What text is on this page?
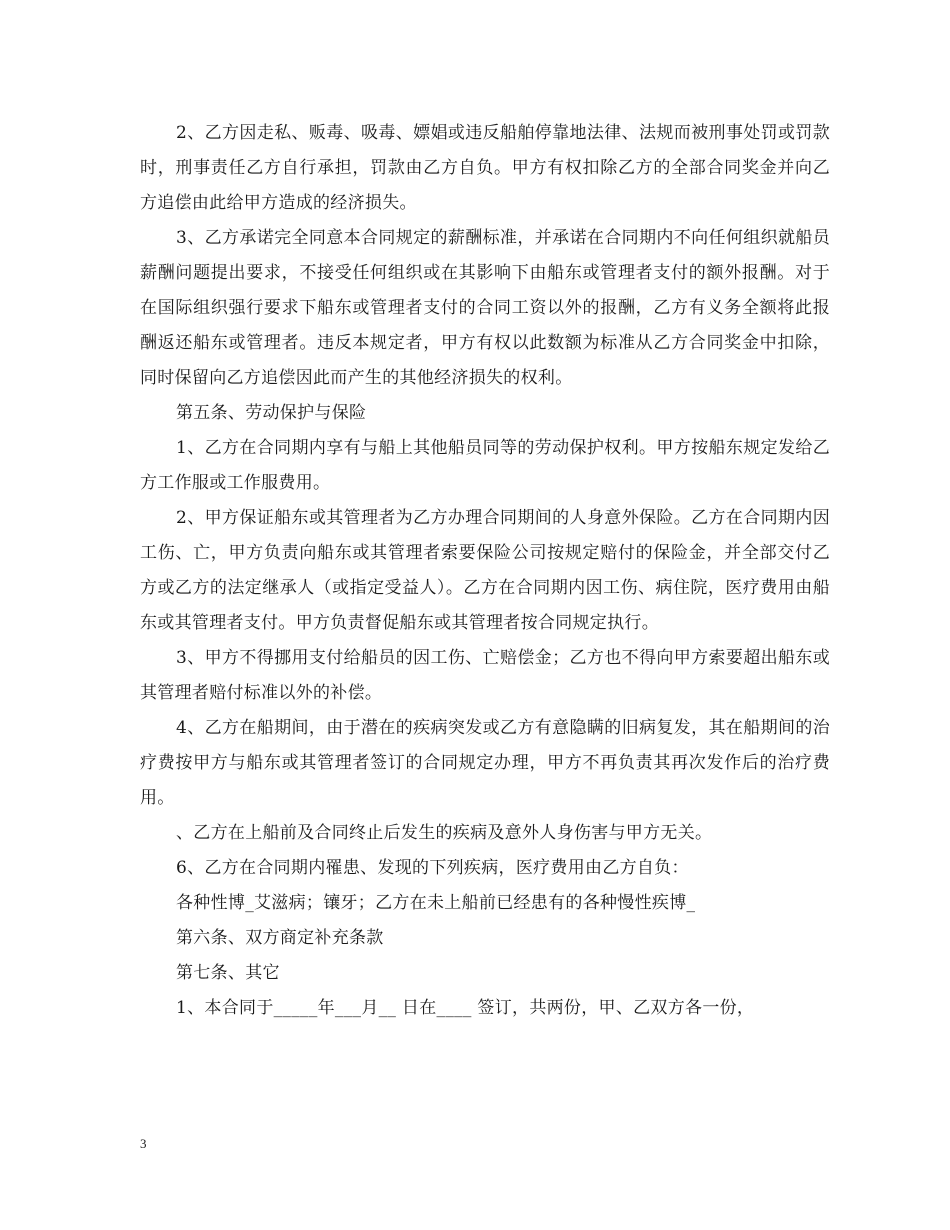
2、乙方因走私、贩毒、吸毒、嫖娼或违反船舶停靠地法律、法规而被刑事处罚或罚款时，刑事责任乙方自行承担，罚款由乙方自负。甲方有权扣除乙方的全部合同奖金并向乙方追偿由此给甲方造成的经济损失。

3、乙方承诺完全同意本合同规定的薪酬标准，并承诺在合同期内不向任何组织就船员薪酬问题提出要求，不接受任何组织或在其影响下由船东或管理者支付的额外报酬。对于在国际组织强行要求下船东或管理者支付的合同工资以外的报酬，乙方有义务全额将此报酬返还船东或管理者。违反本规定者，甲方有权以此数额为标准从乙方合同奖金中扣除，同时保留向乙方追偿因此而产生的其他经济损失的权利。

第五条、劳动保护与保险

1、乙方在合同期内享有与船上其他船员同等的劳动保护权利。甲方按船东规定发给乙方工作服或工作服费用。

2、甲方保证船东或其管理者为乙方办理合同期间的人身意外保险。乙方在合同期内因工伤、亡，甲方负责向船东或其管理者索要保险公司按规定赔付的保险金，并全部交付乙方或乙方的法定继承人（或指定受益人）。乙方在合同期内因工伤、病住院，医疗费用由船东或其管理者支付。甲方负责督促船东或其管理者按合同规定执行。

3、甲方不得挪用支付给船员的因工伤、亡赔偿金；乙方也不得向甲方索要超出船东或其管理者赔付标准以外的补偿。

4、乙方在船期间，由于潜在的疾病突发或乙方有意隐瞒的旧病复发，其在船期间的治疗费按甲方与船东或其管理者签订的合同规定办理，甲方不再负责其再次发作后的治疗费用。

、乙方在上船前及合同终止后发生的疾病及意外人身伤害与甲方无关。

6、乙方在合同期内罹患、发现的下列疾病，医疗费用由乙方自负：

各种性博_艾滋病；镶牙；乙方在未上船前已经患有的各种慢性疾博_

第六条、双方商定补充条款

第七条、其它

1、本合同于_____年___月__ 日在____ 签订，共两份，甲、乙双方各一份，

3
